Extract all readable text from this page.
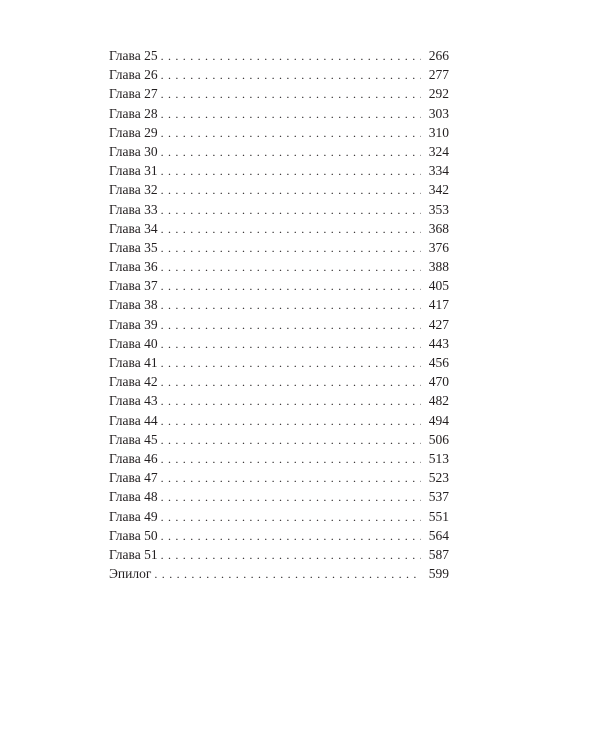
Глава 25 . . .	266
Глава 26 . . .	277
Глава 27 . . .	292
Глава 28 . . .	303
Глава 29 . . .	310
Глава 30 . . .	324
Глава 31 . . .	334
Глава 32 . . .	342
Глава 33 . . .	353
Глава 34 . . .	368
Глава 35 . . .	376
Глава 36 . . .	388
Глава 37 . . .	405
Глава 38 . . .	417
Глава 39 . . .	427
Глава 40 . . .	443
Глава 41 . . .	456
Глава 42 . . .	470
Глава 43 . . .	482
Глава 44 . . .	494
Глава 45 . . .	506
Глава 46 . . .	513
Глава 47 . . .	523
Глава 48 . . .	537
Глава 49 . . .	551
Глава 50 . . .	564
Глава 51 . . .	587
Эпилог . . .	599
